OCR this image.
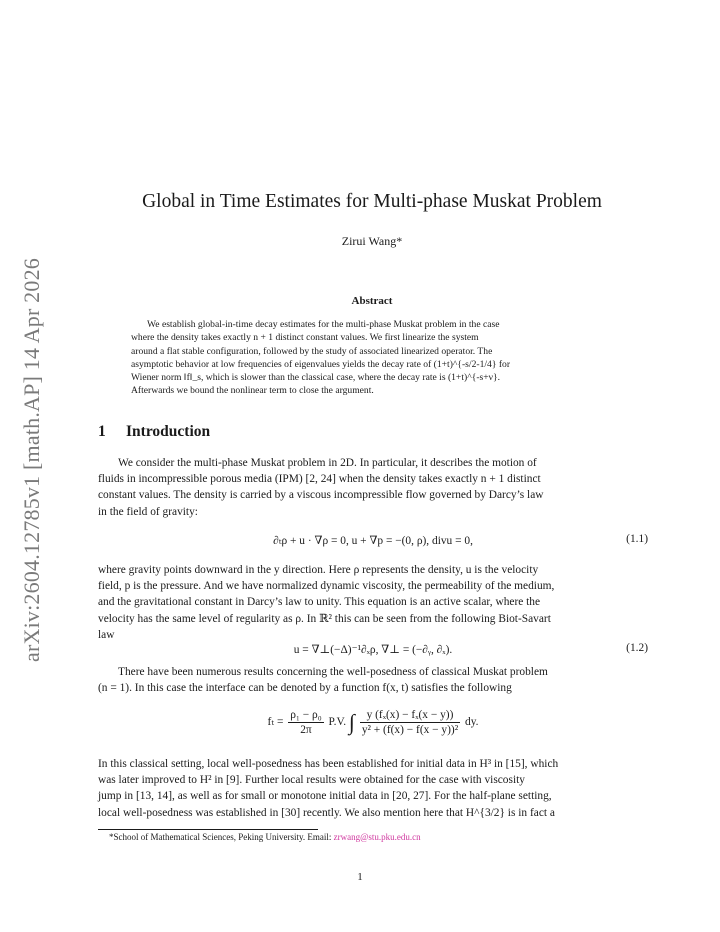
arXiv:2604.12785v1 [math.AP] 14 Apr 2026
Global in Time Estimates for Multi-phase Muskat Problem
Zirui Wang*
Abstract
We establish global-in-time decay estimates for the multi-phase Muskat problem in the case
where the density takes exactly n + 1 distinct constant values. We first linearize the system
around a flat stable configuration, followed by the study of associated linearized operator. The
asymptotic behavior at low frequencies of eigenvalues yields the decay rate of (1+t)^{-s/2-1/4} for
Wiener norm ‖f‖_s, which is slower than the classical case, where the decay rate is (1+t)^{-s+ν}.
Afterwards we bound the nonlinear term to close the argument.
1 Introduction
We consider the multi-phase Muskat problem in 2D. In particular, it describes the motion of
fluids in incompressible porous media (IPM) [2, 24] when the density takes exactly n + 1 distinct
constant values. The density is carried by a viscous incompressible flow governed by Darcy’s law
in the field of gravity:
∂ₜρ + u · ∇ρ = 0, u + ∇p = −(0, ρ), divu = 0,	(1.1)
where gravity points downward in the y direction. Here ρ represents the density, u is the velocity
field, p is the pressure. And we have normalized dynamic viscosity, the permeability of the medium,
and the gravitational constant in Darcy’s law to unity. This equation is an active scalar, where the
velocity has the same level of regularity as ρ. In ℝ² this can be seen from the following Biot-Savart
law
u = ∇⊥(−Δ)⁻¹∂ₓρ, ∇⊥ = (−∂ᵧ, ∂ₓ).	(1.2)
There have been numerous results concerning the well-posedness of classical Muskat problem
(n = 1). In this case the interface can be denoted by a function f(x, t) satisfies the following
$f_t = \frac{\text{ρ₁ − ρ₀}}{2\pi} P.V$. ∫ $\frac{\text{y (fₓ(x) − fₓ(x − y))}}{\text{y² + (f(x) − f(x − y))²}}$ dy.
In this classical setting, local well-posedness has been established for initial data in H³ in [15], which
was later improved to H² in [9]. Further local results were obtained for the case with viscosity
jump in [13, 14], as well as for small or monotone initial data in [20, 27]. For the half-plane setting,
local well-posedness was established in [30] recently. We also mention here that H^{3/2} is in fact a
*School of Mathematical Sciences, Peking University. Email: zrwang@stu.pku.edu.cn
1
